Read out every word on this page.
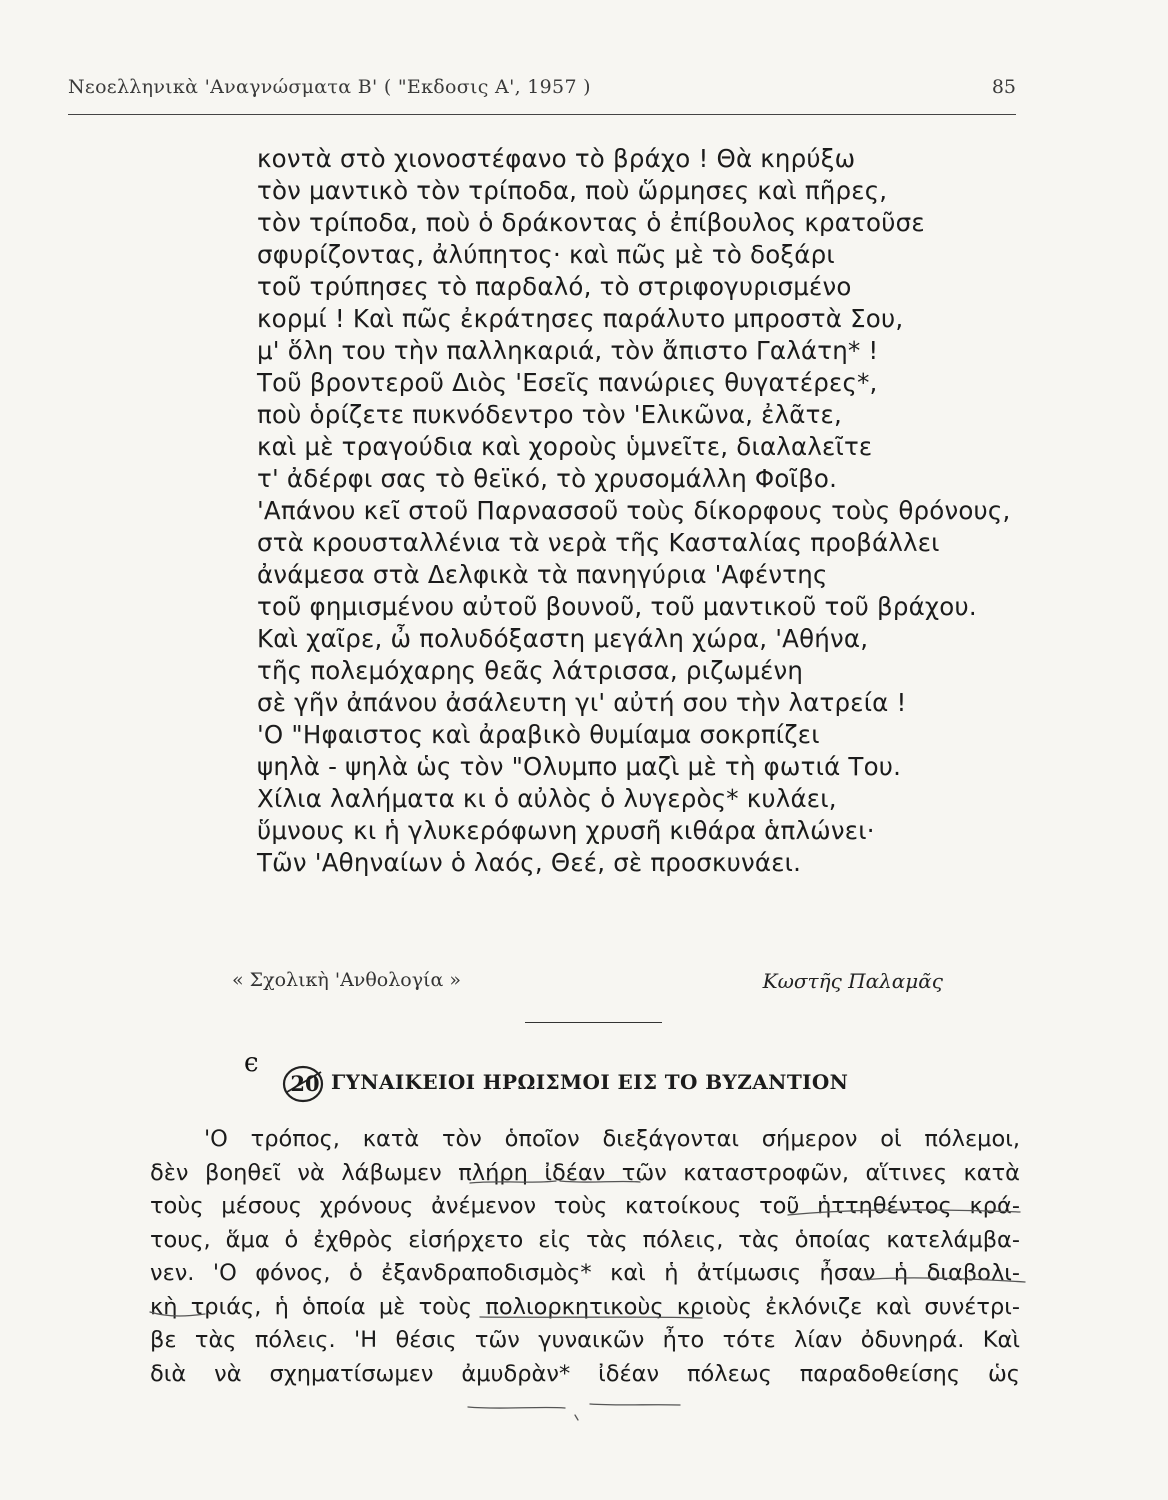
Νεοελληνικὰ 'Αναγνώσματα Β' ( "Εκδοσις Α', 1957 )	85
κοντὰ στὸ χιονοστέφανο τὸ βράχο ! Θὰ κηρύξω
τὸν μαντικὸ τὸν τρίποδα, ποὺ ὥρμησες καὶ πῆρες,
τὸν τρίποδα, ποὺ ὁ δράκοντας ὁ ἐπίβουλος κρατοῦσε
σφυρίζοντας, ἀλύπητος· καὶ πῶς μὲ τὸ δοξάρι
τοῦ τρύπησες τὸ παρδαλό, τὸ στριφογυρισμένο
κορμί ! Καὶ πῶς ἐκράτησες παράλυτο μπροστὰ Σου,
μ' ὅλη του τὴν παλληκαριά, τὸν ἄπιστο Γαλάτη* !
Τοῦ βροντεροῦ Διὸς 'Εσεῖς πανώριες θυγατέρες*,
ποὺ ὁρίζετε πυκνόδεντρο τὸν 'Ελικῶνα, ἐλᾶτε,
καὶ μὲ τραγούδια καὶ χοροὺς ὑμνεῖτε, διαλαλεῖτε
τ' ἀδέρφι σας τὸ θεϊκό, τὸ χρυσομάλλη Φοῖβο.
'Απάνου κεῖ στοῦ Παρνασσοῦ τοὺς δίκορφους τοὺς θρόνους,
στὰ κρουσταλλένια τὰ νερὰ τῆς Κασταλίας προβάλλει
ἀνάμεσα στὰ Δελφικὰ τὰ πανηγύρια 'Αφέντης
τοῦ φημισμένου αὐτοῦ βουνοῦ, τοῦ μαντικοῦ τοῦ βράχου.
Καὶ χαῖρε, ὦ πολυδόξαστη μεγάλη χώρα, 'Αθήνα,
τῆς πολεμόχαρης θεᾶς λάτρισσα, ριζωμένη
σὲ γῆν ἀπάνου ἀσάλευτη γι' αὐτή σου τὴν λατρεία !
'Ο "Ηφαιστος καὶ ἀραβικὸ θυμίαμα σοκρπίζει
ψηλὰ - ψηλὰ ὡς τὸν "Ολυμπο μαζὶ μὲ τὴ φωτιά Του.
Χίλια λαλήματα κι ὁ αὐλὸς ὁ λυγερὸς* κυλάει,
ὕμνους κι ἡ γλυκερόφωνη χρυσῆ κιθάρα ἁπλώνει·
Τῶν 'Αθηναίων ὁ λαός, Θεέ, σὲ προσκυνάει.
« Σχολικὴ 'Ανθολογία »	Κωστῆς Παλαμᾶς
ϵ
20 ΓΥΝΑΙΚΕΙΟΙ ΗΡΩΙΣΜΟΙ ΕΙΣ ΤΟ ΒΥΖΑΝΤΙΟΝ
'Ο τρόπος, κατὰ τὸν ὁποῖον διεξάγονται σήμερον οἱ πόλεμοι,
δὲν βοηθεῖ νὰ λάβωμεν πλήρη ἰδέαν τῶν καταστροφῶν, αἵτινες κατὰ
τοὺς μέσους χρόνους ἀνέμενον τοὺς κατοίκους τοῦ ἡττηθέντος κρά-
τους, ἅμα ὁ ἐχθρὸς εἰσήρχετο εἰς τὰς πόλεις, τὰς ὁποίας κατελάμβα-
νεν. 'Ο φόνος, ὁ ἐξανδραποδισμὸς* καὶ ἡ ἀτίμωσις ἦσαν ἡ διαβολι-
κὴ τριάς, ἡ ὁποία μὲ τοὺς πολιορκητικοὺς κριοὺς ἐκλόνιζε καὶ συνέτρι-
βε τὰς πόλεις. 'Η θέσις τῶν γυναικῶν ἦτο τότε λίαν ὀδυνηρά. Καὶ
διὰ νὰ σχηματίσωμεν ἀμυδρὰν* ἰδέαν πόλεως παραδοθείσης ὡς
